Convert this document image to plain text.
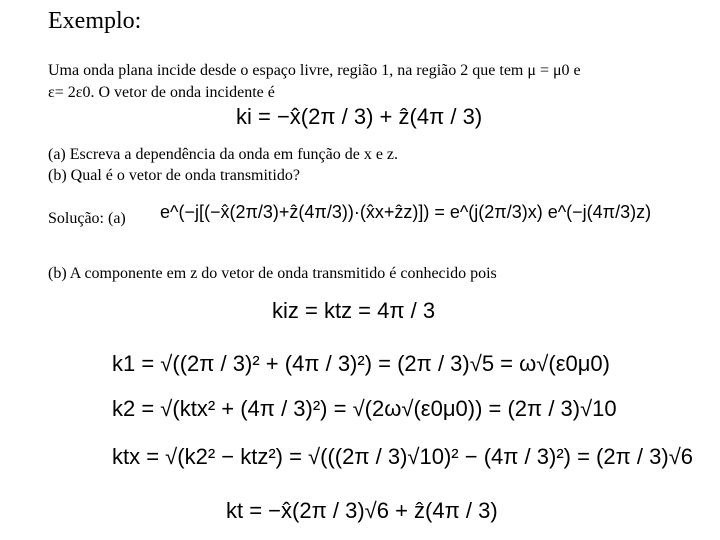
Exemplo:
Uma onda plana incide desde o espaço livre, região 1, na região 2 que tem μ = μ0 e
ε= 2ε0. O vetor de onda incidente é
ki = −x̂(2π / 3) + ẑ(4π / 3)
(a) Escreva a dependência da onda em função de x e z.
(b) Qual é o vetor de onda transmitido?
Solução: (a) e^(−j[(−x̂(2π/3)+ẑ(4π/3))·(x̂x+ẑz)]) = e^(j(2π/3)x) e^(−j(4π/3)z)
(b) A componente em z do vetor de onda transmitido é conhecido pois
kiz = ktz = 4π / 3
k1 = √((2π / 3)² + (4π / 3)²) = (2π / 3)√5 = ω√(ε0μ0)
k2 = √(ktx² + (4π / 3)²) = √(2ω√(ε0μ0)) = (2π / 3)√10
ktx = √(k2² − ktz²) = √(((2π / 3)√10)² − (4π / 3)²) = (2π / 3)√6
kt = −x̂(2π / 3)√6 + ẑ(4π / 3)
